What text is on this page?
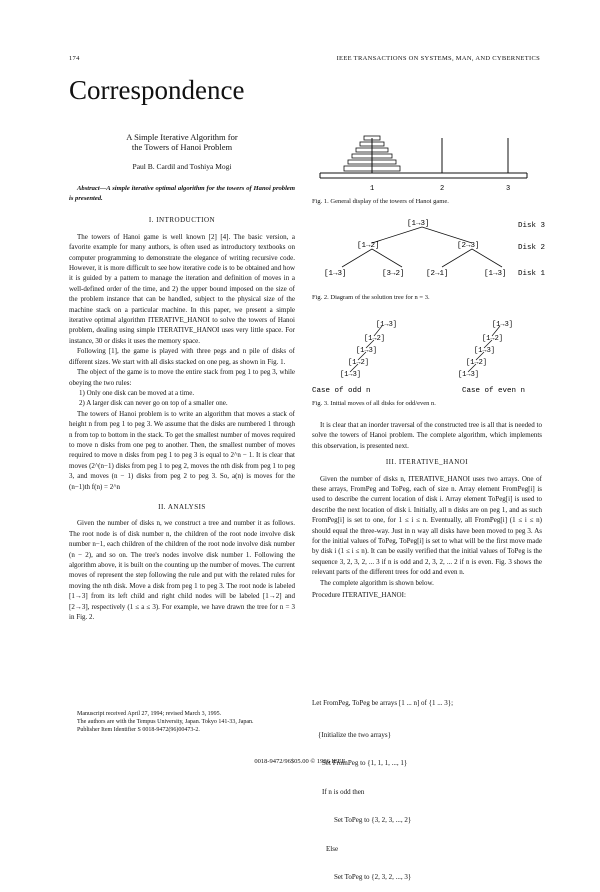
174	IEEE TRANSACTIONS ON SYSTEMS, MAN, AND CYBERNETICS
Correspondence
A Simple Iterative Algorithm for
the Towers of Hanoi Problem
Paul B. Cardil and Toshiya Mogi

Abstract—A simple iterative optimal algorithm for the towers of Hanoi problem is presented.

I. INTRODUCTION

The towers of Hanoi game is well known [2] [4]. The basic version, a favorite example for many authors, is often used as introductory textbooks on computer programming to demonstrate the elegance of writing recursive code. However, it is more difficult to see how iterative code is to be obtained and how it is guided by a pattern to manage the iteration and definition of moves in a well-defined order of the time, and 2) the upper bound imposed on the size of the problem instance that can be handled, subject to the physical size of the machine stack on a particular machine. In this paper, we present a simple iterative optimal algorithm ITERATIVE_HANOI to solve the towers of Hanoi problem, dealing using simple ITERATIVE_HANOI uses very little space. For instance, 30 or disks it uses the memory space.

Following [1], the game is played with three pegs and n pile of disks of different sizes. We start with all disks stacked on one peg, as shown in Fig. 1.

The object of the game is to move the entire stack from peg 1 to peg 3, while obeying the two rules:

1) Only one disk can be moved at a time.
2) A larger disk can never go on top of a smaller one.

The towers of Hanoi problem is to write an algorithm that moves a stack of height n from peg 1 to peg 3. We assume that the disks are numbered 1 through n from top to bottom in the stack. To get the smallest number of moves required to move n disks from one peg to another. Then, the smallest number of moves required to move n disks from peg 1 to peg 3 is equal to 2^n − 1. It is clear that moves (2^(n−1) disks from peg 1 to peg 2, moves the nth disk from peg 1 to peg 3, and moves (n − 1) disks from peg 2 to peg 3. So, a(n) is moves for the (n−1)th f(n) = 2^n

II. ANALYSIS

Given the number of disks n, we construct a tree and number it as follows. The root node is of disk number n, the children of the root node involve disk number n−1, each children of the children of the root node involve disk number (n − 2), and so on. The tree's nodes involve disk number 1. Following the algorithm above, it is built on the counting up the number of moves. The current moves of represent the step following the rule and put with the related rules for moving the nth disk. Move a disk from peg 1 to peg 3. The root node is labeled [1→3] from its left child and right child nodes will be labeled [1→2] and [2→3], respectively (1 ≤ a ≤ 3). For example, we have drawn the tree for n = 3 in Fig. 2.

Manuscript received April 27, 1994; revised March 3, 1995.
The authors are with the Tempus University, Japan. Tokyo 141-33, Japan.
Publisher Item Identifier S 0018-9472(96)00473-2.
1	2	3
Fig. 1. General display of the towers of Hanoi game.
[1→3]
[1→2]	[2→3]
[1→3]	[3→2]	[2→1]	[1→3]
Disk 3
Disk 2
Disk 1
Fig. 2. Diagram of the solution tree for n = 3.
[1→3]
[1→2]
[1→3]
[1→2]
[1→3]
[1→3]
[1→2]
[1→3]
[1→2]
[1→3]
Case of odd n	Case of even n
Fig. 3. Initial moves of all disks for odd/even n.

It is clear that an inorder traversal of the constructed tree is all that is needed to solve the towers of Hanoi problem. The complete algorithm, which implements this observation, is presented next.

III. ITERATIVE_HANOI

Given the number of disks n, ITERATIVE_HANOI uses two arrays. One of these arrays, FromPeg and ToPeg, each of size n. Array element FromPeg[i] is used to describe the current location of disk i. Array element ToPeg[i] is used to describe the next location of disk i. Initially, all n disks are on peg 1, and as such FromPeg[i] is set to one, for 1 ≤ i ≤ n. Eventually, all FromPeg[i] (1 ≤ i ≤ n) should equal the three-way. Just in n way all disks have been moved to peg 3. As for the initial values of ToPeg, ToPeg[i] is set to what will be the first move made by disk i (1 ≤ i ≤ n). It can be easily verified that the initial values of ToPeg is the sequence 3, 2, 3, 2, ... 3 if n is odd and 2, 3, 2, ... 2 if n is even. Fig. 3 shows the relevant parts of the different trees for odd and even n.

The complete algorithm is shown below.

Procedure ITERATIVE_HANOI:

Let FromPeg, ToPeg be arrays [1 ... n] of {1 ... 3};

{Initialize the two arrays}

Set FromPeg to {1, 1, 1, ..., 1}

If n is odd then

Set ToPeg to {3, 2, 3, ..., 2}

Else

Set ToPeg to {2, 3, 2, ..., 3}

0018-9472/96$05.00 © 1996 IEEE
